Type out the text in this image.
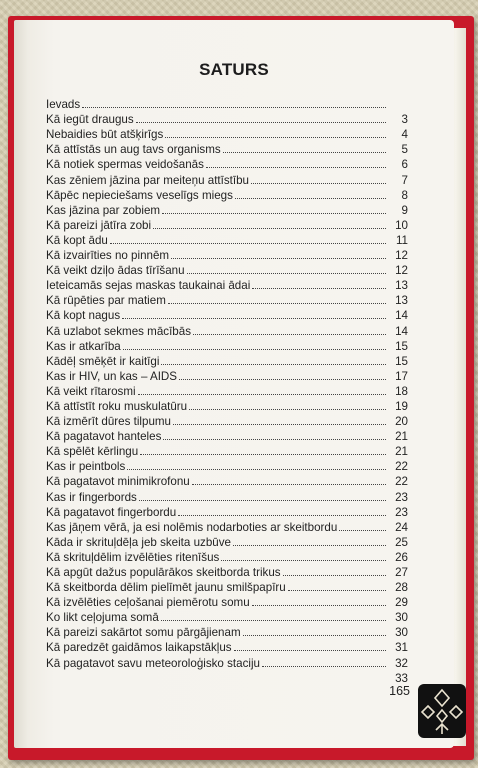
SATURS
Ievads
Kā iegūt draugus	3
Nebaidies būt atšķirīgs	4
Kā attīstās un aug tavs organisms	5
Kā notiek spermas veidošanās	6
Kas zēniem jāzina par meiteņu attīstību	7
Kāpēc nepieciešams veselīgs miegs	8
Kas jāzina par zobiem	9
Kā pareizi jātīra zobi	10
Kā kopt ādu	11
Kā izvairīties no pinnēm	12
Kā veikt dziļo ādas tīrīšanu	12
Ieteicamās sejas maskas taukainai ādai	13
Kā rūpēties par matiem	13
Kā kopt nagus	14
Kā uzlabot sekmes mācībās	14
Kas ir atkarība	15
Kādēļ smēķēt ir kaitīgi	15
Kas ir HIV, un kas – AIDS	17
Kā veikt rītarosmi	18
Kā attīstīt roku muskulatūru	19
Kā izmērīt dūres tilpumu	20
Kā pagatavot hanteles	21
Kā spēlēt kērlingu	21
Kas ir peintbols	22
Kā pagatavot minimikrofonu	22
Kas ir fingerbords	23
Kā pagatavot fingerbordu	23
Kas jāņem vērā, ja esi nolēmis nodarboties ar skeitbordu	24
Kāda ir skrituļdēļa jeb skeita uzbūve	25
Kā skrituļdēlim izvēlēties ritenīšus	26
Kā apgūt dažus populārākos skeitborda trikus	27
Kā skeitborda dēlim pielīmēt jaunu smilšpapīru	28
Kā izvēlēties ceļošanai piemērotu somu	29
Ko likt ceļojuma somā	30
Kā pareizi sakārtot somu pārgājienam	30
Kā paredzēt gaidāmos laikapstākļus	31
Kā pagatavot savu meteoroloģisko staciju	32
33
165
